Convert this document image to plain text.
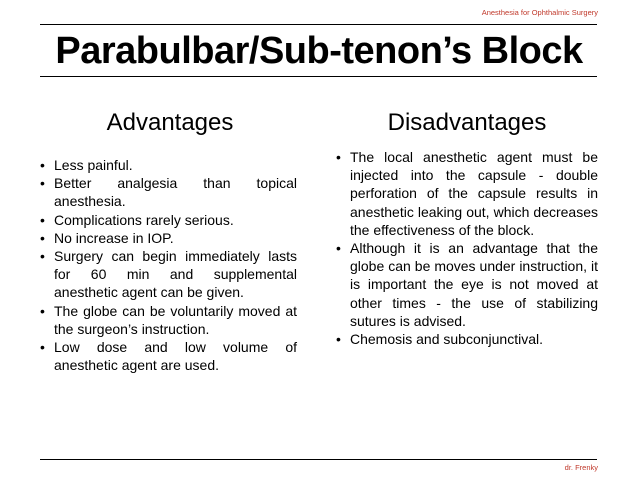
Anesthesia for Ophthalmic Surgery
Parabulbar/Sub-tenon’s Block
Advantages	Disadvantages
• Less painful.
• Better analgesia than topical anesthesia.
• Complications rarely serious.
• No increase in IOP.
• Surgery can begin immediately lasts for 60 min and supplemental anesthetic agent can be given.
• The globe can be voluntarily moved at the surgeon’s instruction.
• Low dose and low volume of anesthetic agent are used.
• The local anesthetic agent must be injected into the capsule - double perforation of the capsule results in anesthetic leaking out, which decreases the effectiveness of the block.
• Although it is an advantage that the globe can be moves under instruction, it is important the eye is not moved at other times - the use of stabilizing sutures is advised.
• Chemosis and subconjunctival.
dr. Frenky
